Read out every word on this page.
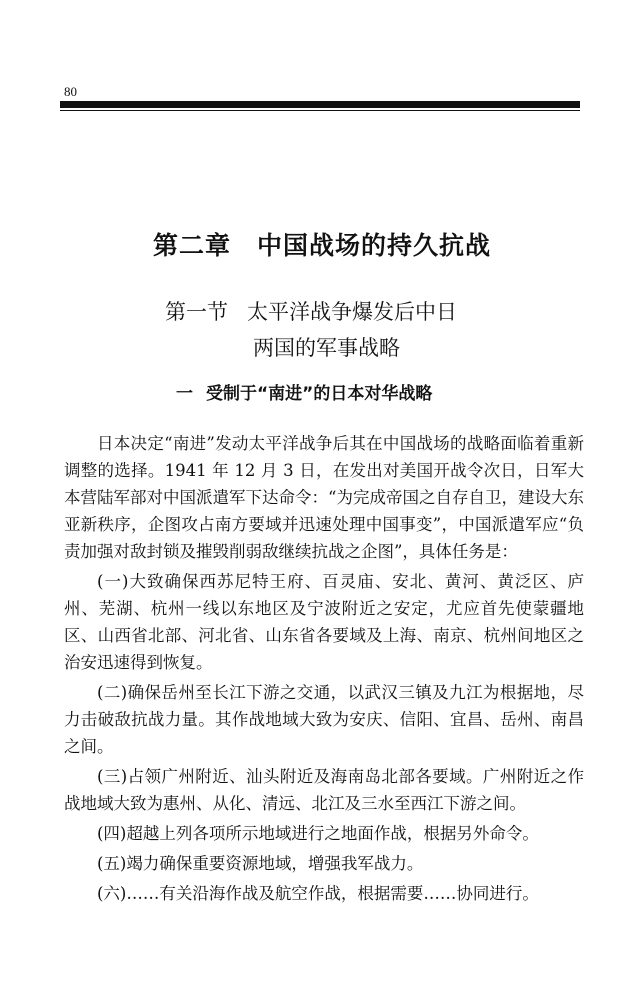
80
第二章 中国战场的持久抗战
第一节 太平洋战争爆发后中日
两国的军事战略
一 受制于“南进”的日本对华战略

日本决定“南进”发动太平洋战争后其在中国战场的战略面临着重新调整的选择。1941 年 12 月 3 日，在发出对美国开战令次日，日军大本营陆军部对中国派遣军下达命令：“为完成帝国之自存自卫，建设大东亚新秩序，企图攻占南方要域并迅速处理中国事变”，中国派遣军应“负责加强对敌封锁及摧毁削弱敌继续抗战之企图”，具体任务是：

(一)大致确保西苏尼特王府、百灵庙、安北、黄河、黄泛区、庐州、芜湖、杭州一线以东地区及宁波附近之安定，尤应首先使蒙疆地区、山西省北部、河北省、山东省各要域及上海、南京、杭州间地区之治安迅速得到恢复。

(二)确保岳州至长江下游之交通，以武汉三镇及九江为根据地，尽力击破敌抗战力量。其作战地域大致为安庆、信阳、宜昌、岳州、南昌之间。

(三)占领广州附近、汕头附近及海南岛北部各要域。广州附近之作战地域大致为惠州、从化、清远、北江及三水至西江下游之间。

(四)超越上列各项所示地域进行之地面作战，根据另外命令。

(五)竭力确保重要资源地域，增强我军战力。

(六)……有关沿海作战及航空作战，根据需要……协同进行。
